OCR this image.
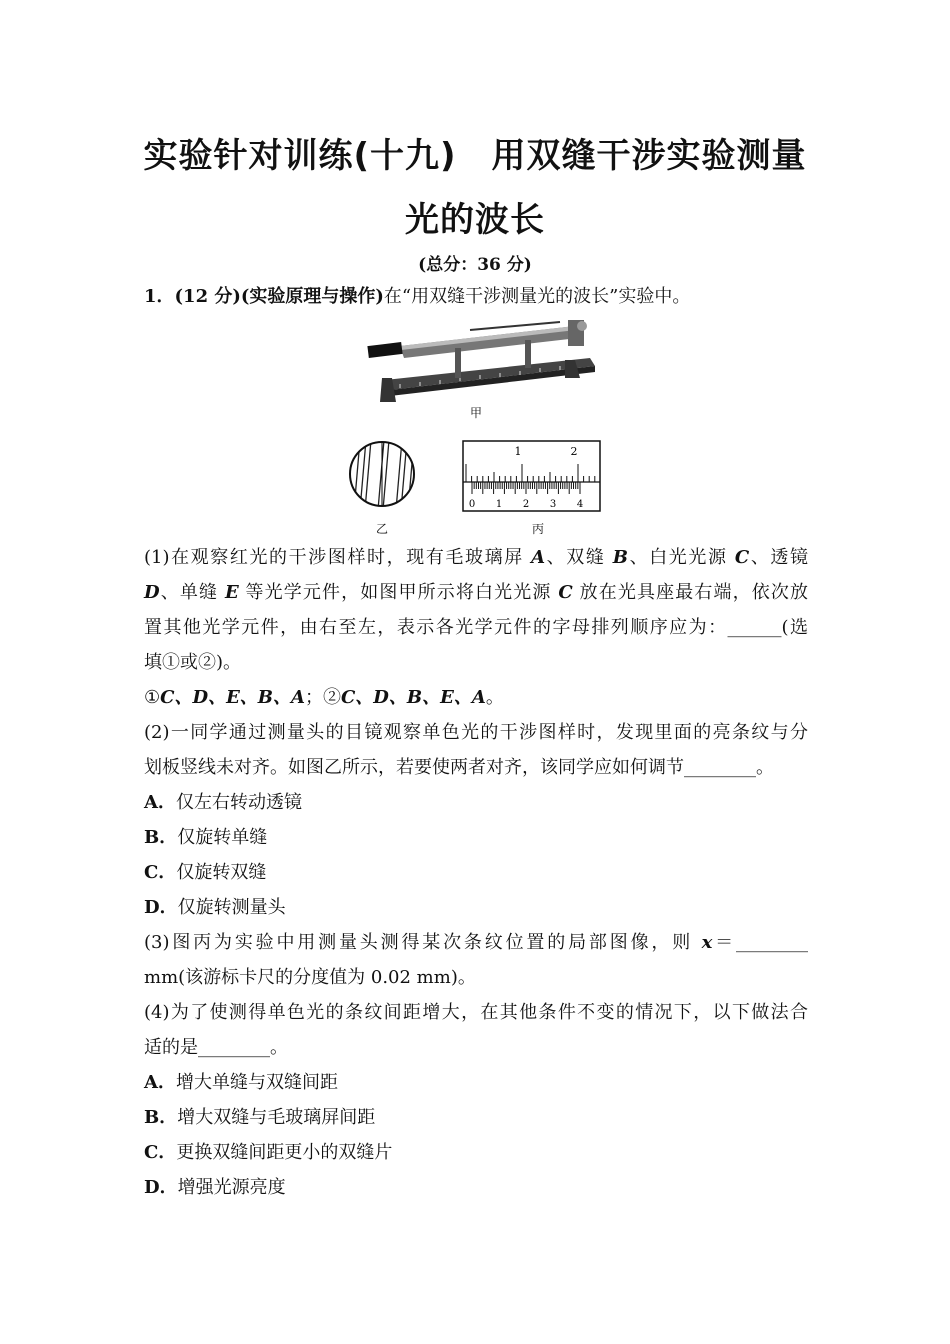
实验针对训练(十九)　用双缝干涉实验测量
光的波长
(总分：36 分)
1．(12 分)(实验原理与操作)在“用双缝干涉测量光的波长”实验中。
甲
乙
1	2
0 1 2 3 4
丙
(1)在观察红光的干涉图样时，现有毛玻璃屏 A、双缝 B、白光光源 C、透镜
D、单缝 E 等光学元件，如图甲所示将白光光源 C 放在光具座最右端，依次放
置其他光学元件，由右至左，表示各光学元件的字母排列顺序应为：______(选
填①或②)。
①C、D、E、B、A；②C、D、B、E、A。
(2)一同学通过测量头的目镜观察单色光的干涉图样时，发现里面的亮条纹与分
划板竖线未对齐。如图乙所示，若要使两者对齐，该同学应如何调节________。
A．仅左右转动透镜
B．仅旋转单缝
C．仅旋转双缝
D．仅旋转测量头
(3)图丙为实验中用测量头测得某次条纹位置的局部图像，则 x＝________
mm(该游标卡尺的分度值为 0.02 mm)。
(4)为了使测得单色光的条纹间距增大，在其他条件不变的情况下，以下做法合
适的是________。
A．增大单缝与双缝间距
B．增大双缝与毛玻璃屏间距
C．更换双缝间距更小的双缝片
D．增强光源亮度
